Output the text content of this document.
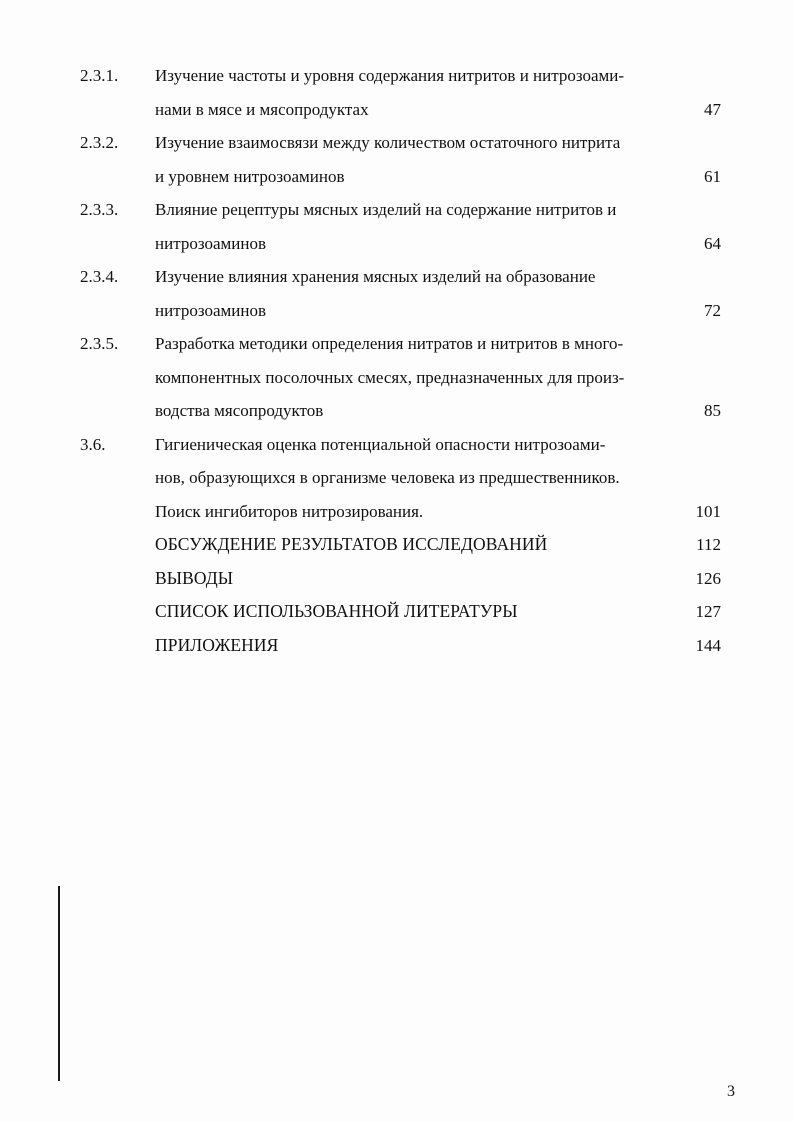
2.3.1. Изучение частоты и уровня содержания нитритов и нитрозоами-
нами в мясе и мясопродуктах	47
2.3.2. Изучение взаимосвязи между количеством остаточного нитрита
и уровнем нитрозоаминов	61
2.3.3. Влияние рецептуры мясных изделий на содержание нитритов и
нитрозоаминов	64
2.3.4. Изучение влияния хранения мясных изделий на образование
нитрозоаминов	72
2.3.5. Разработка методики определения нитратов и нитритов в много-
компонентных посолочных смесях, предназначенных для произ-
водства мясопродуктов	85
3.6.	Гигиеническая оценка потенциальной опасности нитрозоами-
нов, образующихся в организме человека из предшественников.
Поиск ингибиторов нитрозирования.	101
ОБСУЖДЕНИЕ РЕЗУЛЬТАТОВ ИССЛЕДОВАНИЙ	112
ВЫВОДЫ	126
СПИСОК ИСПОЛЬЗОВАННОЙ ЛИТЕРАТУРЫ	127
ПРИЛОЖЕНИЯ	144
3
